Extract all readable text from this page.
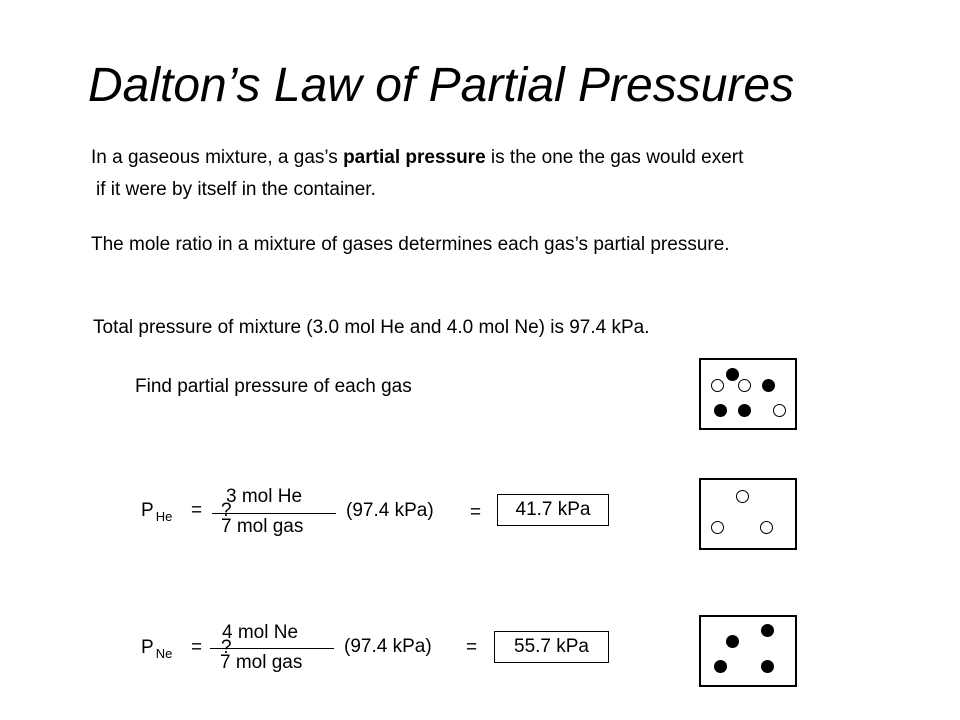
Dalton’s Law of Partial Pressures
In a gaseous mixture, a gas’s partial pressure is the one the gas would exert
if it were by itself in the container.
The mole ratio in a mixture of gases determines each gas’s partial pressure.
Total pressure of mixture (3.0 mol He and 4.0 mol Ne) is 97.4 kPa.
Find partial pressure of each gas
P $_{He}$ = ?
3 mol He
7 mol gas
(97.4 kPa) =	41.7 kPa
P $_{Ne}$ = ?
4 mol Ne
7 mol gas
(97.4 kPa) =	55.7 kPa
